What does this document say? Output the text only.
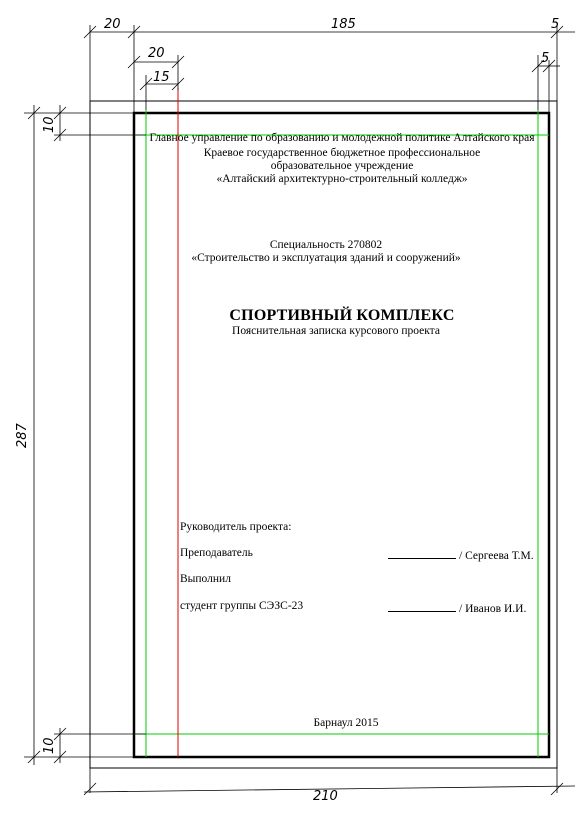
20	185	5
20
15
5
10
10
287
210
Главное управление по образованию и молодежной политике Алтайского края
Краевое государственное бюджетное профессиональное
образовательное учреждение
«Алтайский архитектурно-строительный колледж»
Специальность 270802
«Строительство и эксплуатация зданий и сооружений»
СПОРТИВНЫЙ КОМПЛЕКС
Пояснительная записка курсового проекта
Руководитель проекта:
Преподаватель	/ Сергеева Т.М.
Выполнил
студент группы СЭЗС-23	/ Иванов И.И.
Барнаул 2015
